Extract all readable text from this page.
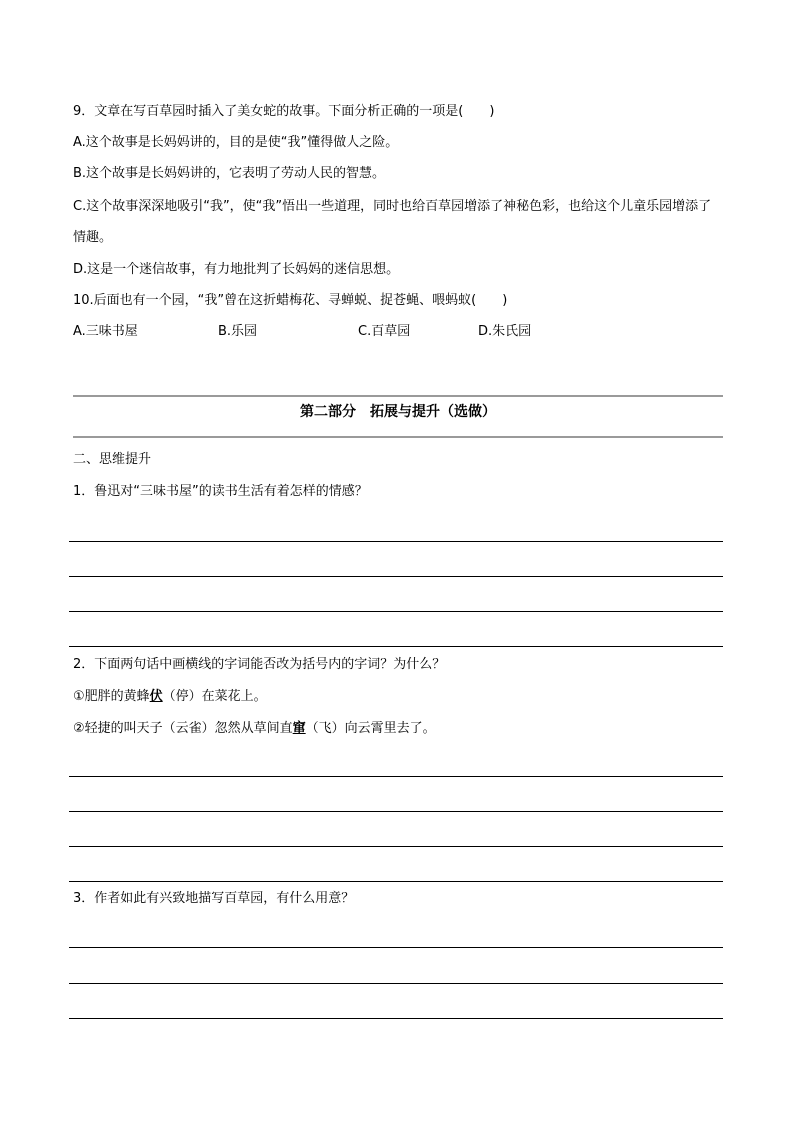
9．文章在写百草园时插入了美女蛇的故事。下面分析正确的一项是(　　)
A.这个故事是长妈妈讲的，目的是使“我”懂得做人之险。
B.这个故事是长妈妈讲的，它表明了劳动人民的智慧。
C.这个故事深深地吸引“我”，使“我”悟出一些道理，同时也给百草园增添了神秘色彩，也给这个儿童乐园增添了情趣。
D.这是一个迷信故事，有力地批判了长妈妈的迷信思想。
10.后面也有一个园，“我”曾在这折蜡梅花、寻蝉蜕、捉苍蝇、喂蚂蚁(　　)
A.三味书屋	B.乐园	C.百草园	D.朱氏园
第二部分　拓展与提升（选做）
二、思维提升
1．鲁迅对“三味书屋”的读书生活有着怎样的情感？
2．下面两句话中画横线的字词能否改为括号内的字词？为什么？
①肥胖的黄蜂伏（停）在菜花上。
②轻捷的叫天子（云雀）忽然从草间直窜（飞）向云霄里去了。
3．作者如此有兴致地描写百草园，有什么用意？
